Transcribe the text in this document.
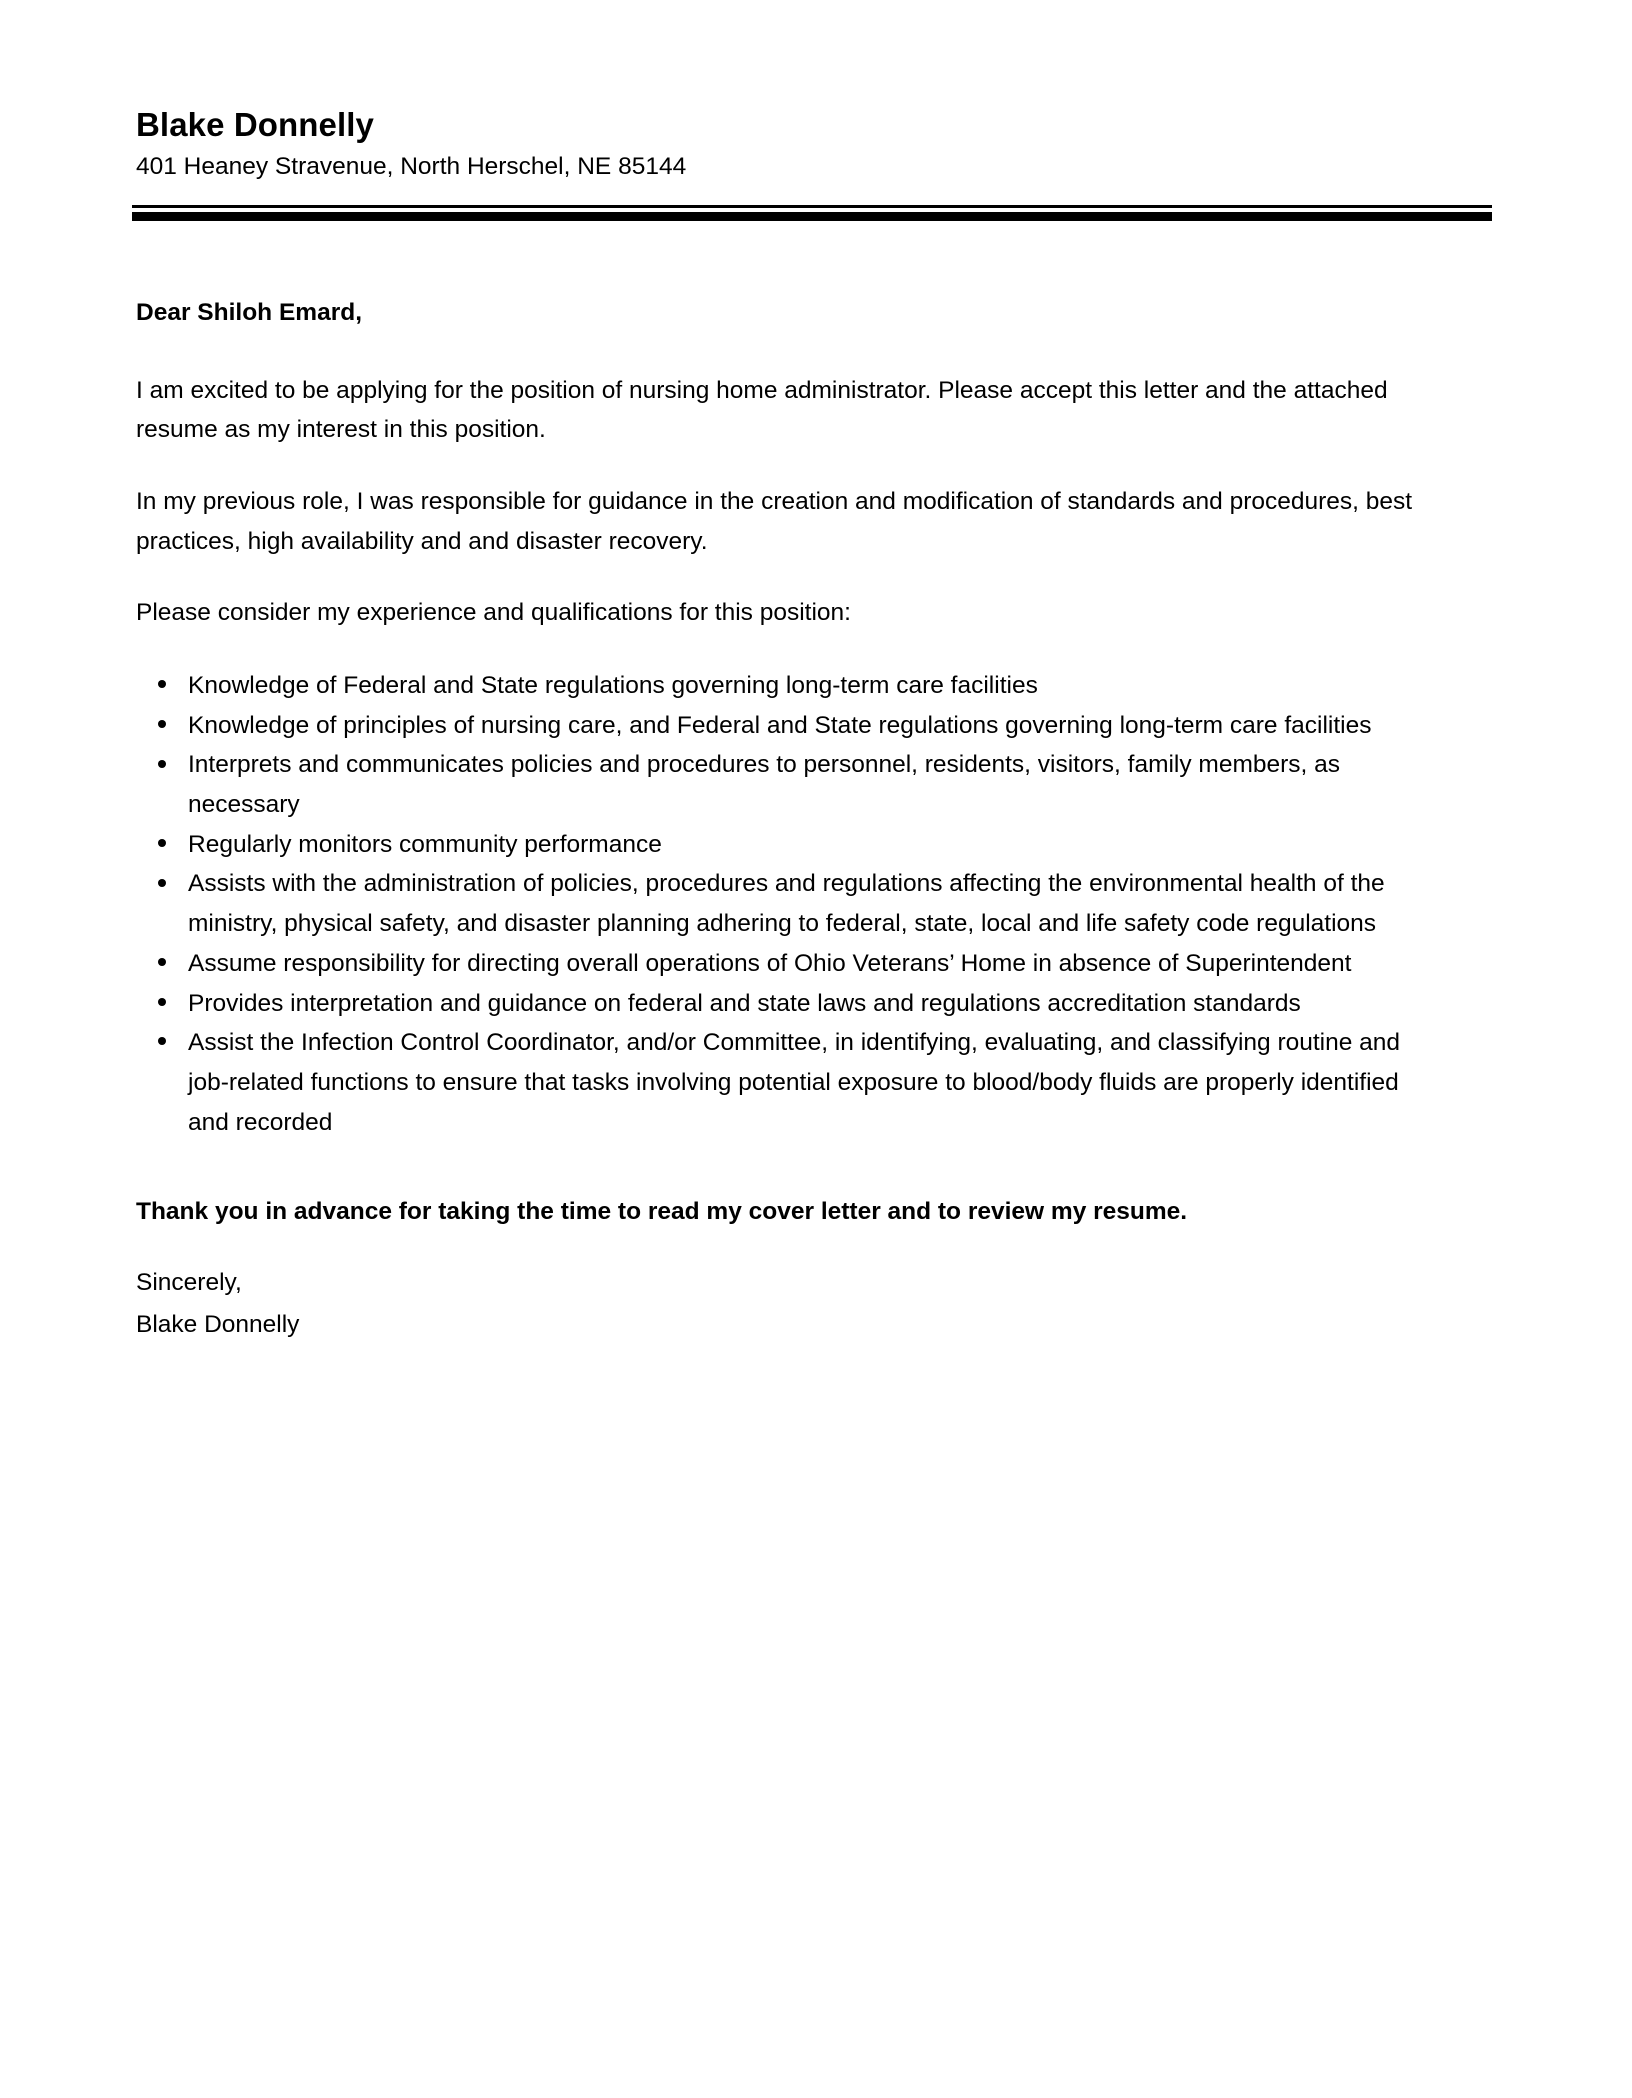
Blake Donnelly
401 Heaney Stravenue, North Herschel, NE 85144
Dear Shiloh Emard,

I am excited to be applying for the position of nursing home administrator. Please accept this letter and the attached resume as my interest in this position.

In my previous role, I was responsible for guidance in the creation and modification of standards and procedures, best practices, high availability and and disaster recovery.

Please consider my experience and qualifications for this position:

Knowledge of Federal and State regulations governing long-term care facilities
Knowledge of principles of nursing care, and Federal and State regulations governing long-term care facilities
Interprets and communicates policies and procedures to personnel, residents, visitors, family members, as necessary
Regularly monitors community performance
Assists with the administration of policies, procedures and regulations affecting the environmental health of the ministry, physical safety, and disaster planning adhering to federal, state, local and life safety code regulations
Assume responsibility for directing overall operations of Ohio Veterans’ Home in absence of Superintendent
Provides interpretation and guidance on federal and state laws and regulations accreditation standards
Assist the Infection Control Coordinator, and/or Committee, in identifying, evaluating, and classifying routine and job-related functions to ensure that tasks involving potential exposure to blood/body fluids are properly identified and recorded

Thank you in advance for taking the time to read my cover letter and to review my resume.

Sincerely,

Blake Donnelly
